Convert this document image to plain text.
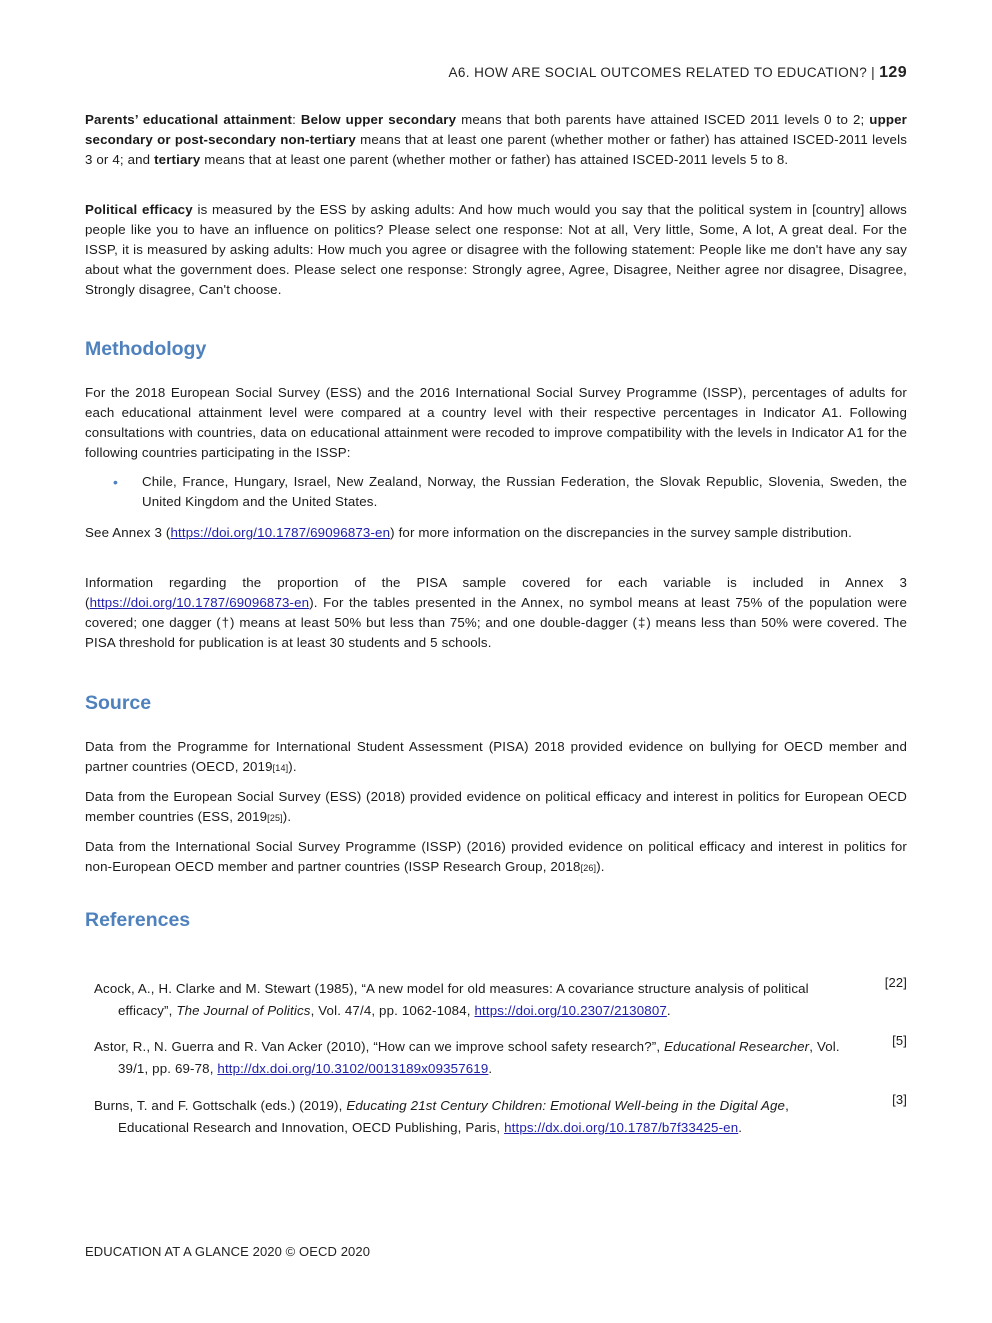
A6. HOW ARE SOCIAL OUTCOMES RELATED TO EDUCATION? | 129

Parents’ educational attainment: Below upper secondary means that both parents have attained ISCED 2011 levels 0 to 2; upper secondary or post-secondary non-tertiary means that at least one parent (whether mother or father) has attained ISCED-2011 levels 3 or 4; and tertiary means that at least one parent (whether mother or father) has attained ISCED-2011 levels 5 to 8.

Political efficacy is measured by the ESS by asking adults: And how much would you say that the political system in [country] allows people like you to have an influence on politics? Please select one response: Not at all, Very little, Some, A lot, A great deal. For the ISSP, it is measured by asking adults: How much you agree or disagree with the following statement: People like me don't have any say about what the government does. Please select one response: Strongly agree, Agree, Disagree, Neither agree nor disagree, Disagree, Strongly disagree, Can't choose.

Methodology

For the 2018 European Social Survey (ESS) and the 2016 International Social Survey Programme (ISSP), percentages of adults for each educational attainment level were compared at a country level with their respective percentages in Indicator A1. Following consultations with countries, data on educational attainment were recoded to improve compatibility with the levels in Indicator A1 for the following countries participating in the ISSP:

• Chile, France, Hungary, Israel, New Zealand, Norway, the Russian Federation, the Slovak Republic, Slovenia, Sweden, the United Kingdom and the United States.

See Annex 3 (https://doi.org/10.1787/69096873-en) for more information on the discrepancies in the survey sample distribution.

Information regarding the proportion of the PISA sample covered for each variable is included in Annex 3 (https://doi.org/10.1787/69096873-en). For the tables presented in the Annex, no symbol means at least 75% of the population were covered; one dagger (†) means at least 50% but less than 75%; and one double-dagger (‡) means less than 50% were covered. The PISA threshold for publication is at least 30 students and 5 schools.

Source

Data from the Programme for International Student Assessment (PISA) 2018 provided evidence on bullying for OECD member and partner countries (OECD, 2019[14]).

Data from the European Social Survey (ESS) (2018) provided evidence on political efficacy and interest in politics for European OECD member countries (ESS, 2019[25]).

Data from the International Social Survey Programme (ISSP) (2016) provided evidence on political efficacy and interest in politics for non-European OECD member and partner countries (ISSP Research Group, 2018[26]).

References
Acock, A., H. Clarke and M. Stewart (1985), “A new model for old measures: A covariance structure analysis of political efficacy”, The Journal of Politics, Vol. 47/4, pp. 1062-1084, https://doi.org/10.2307/2130807.
[22]
Astor, R., N. Guerra and R. Van Acker (2010), “How can we improve school safety research?”, Educational Researcher, Vol. 39/1, pp. 69-78, http://dx.doi.org/10.3102/0013189x09357619.
[5]
Burns, T. and F. Gottschalk (eds.) (2019), Educating 21st Century Children: Emotional Well-being in the Digital Age, Educational Research and Innovation, OECD Publishing, Paris, https://dx.doi.org/10.1787/b7f33425-en.
[3]
EDUCATION AT A GLANCE 2020 © OECD 2020
